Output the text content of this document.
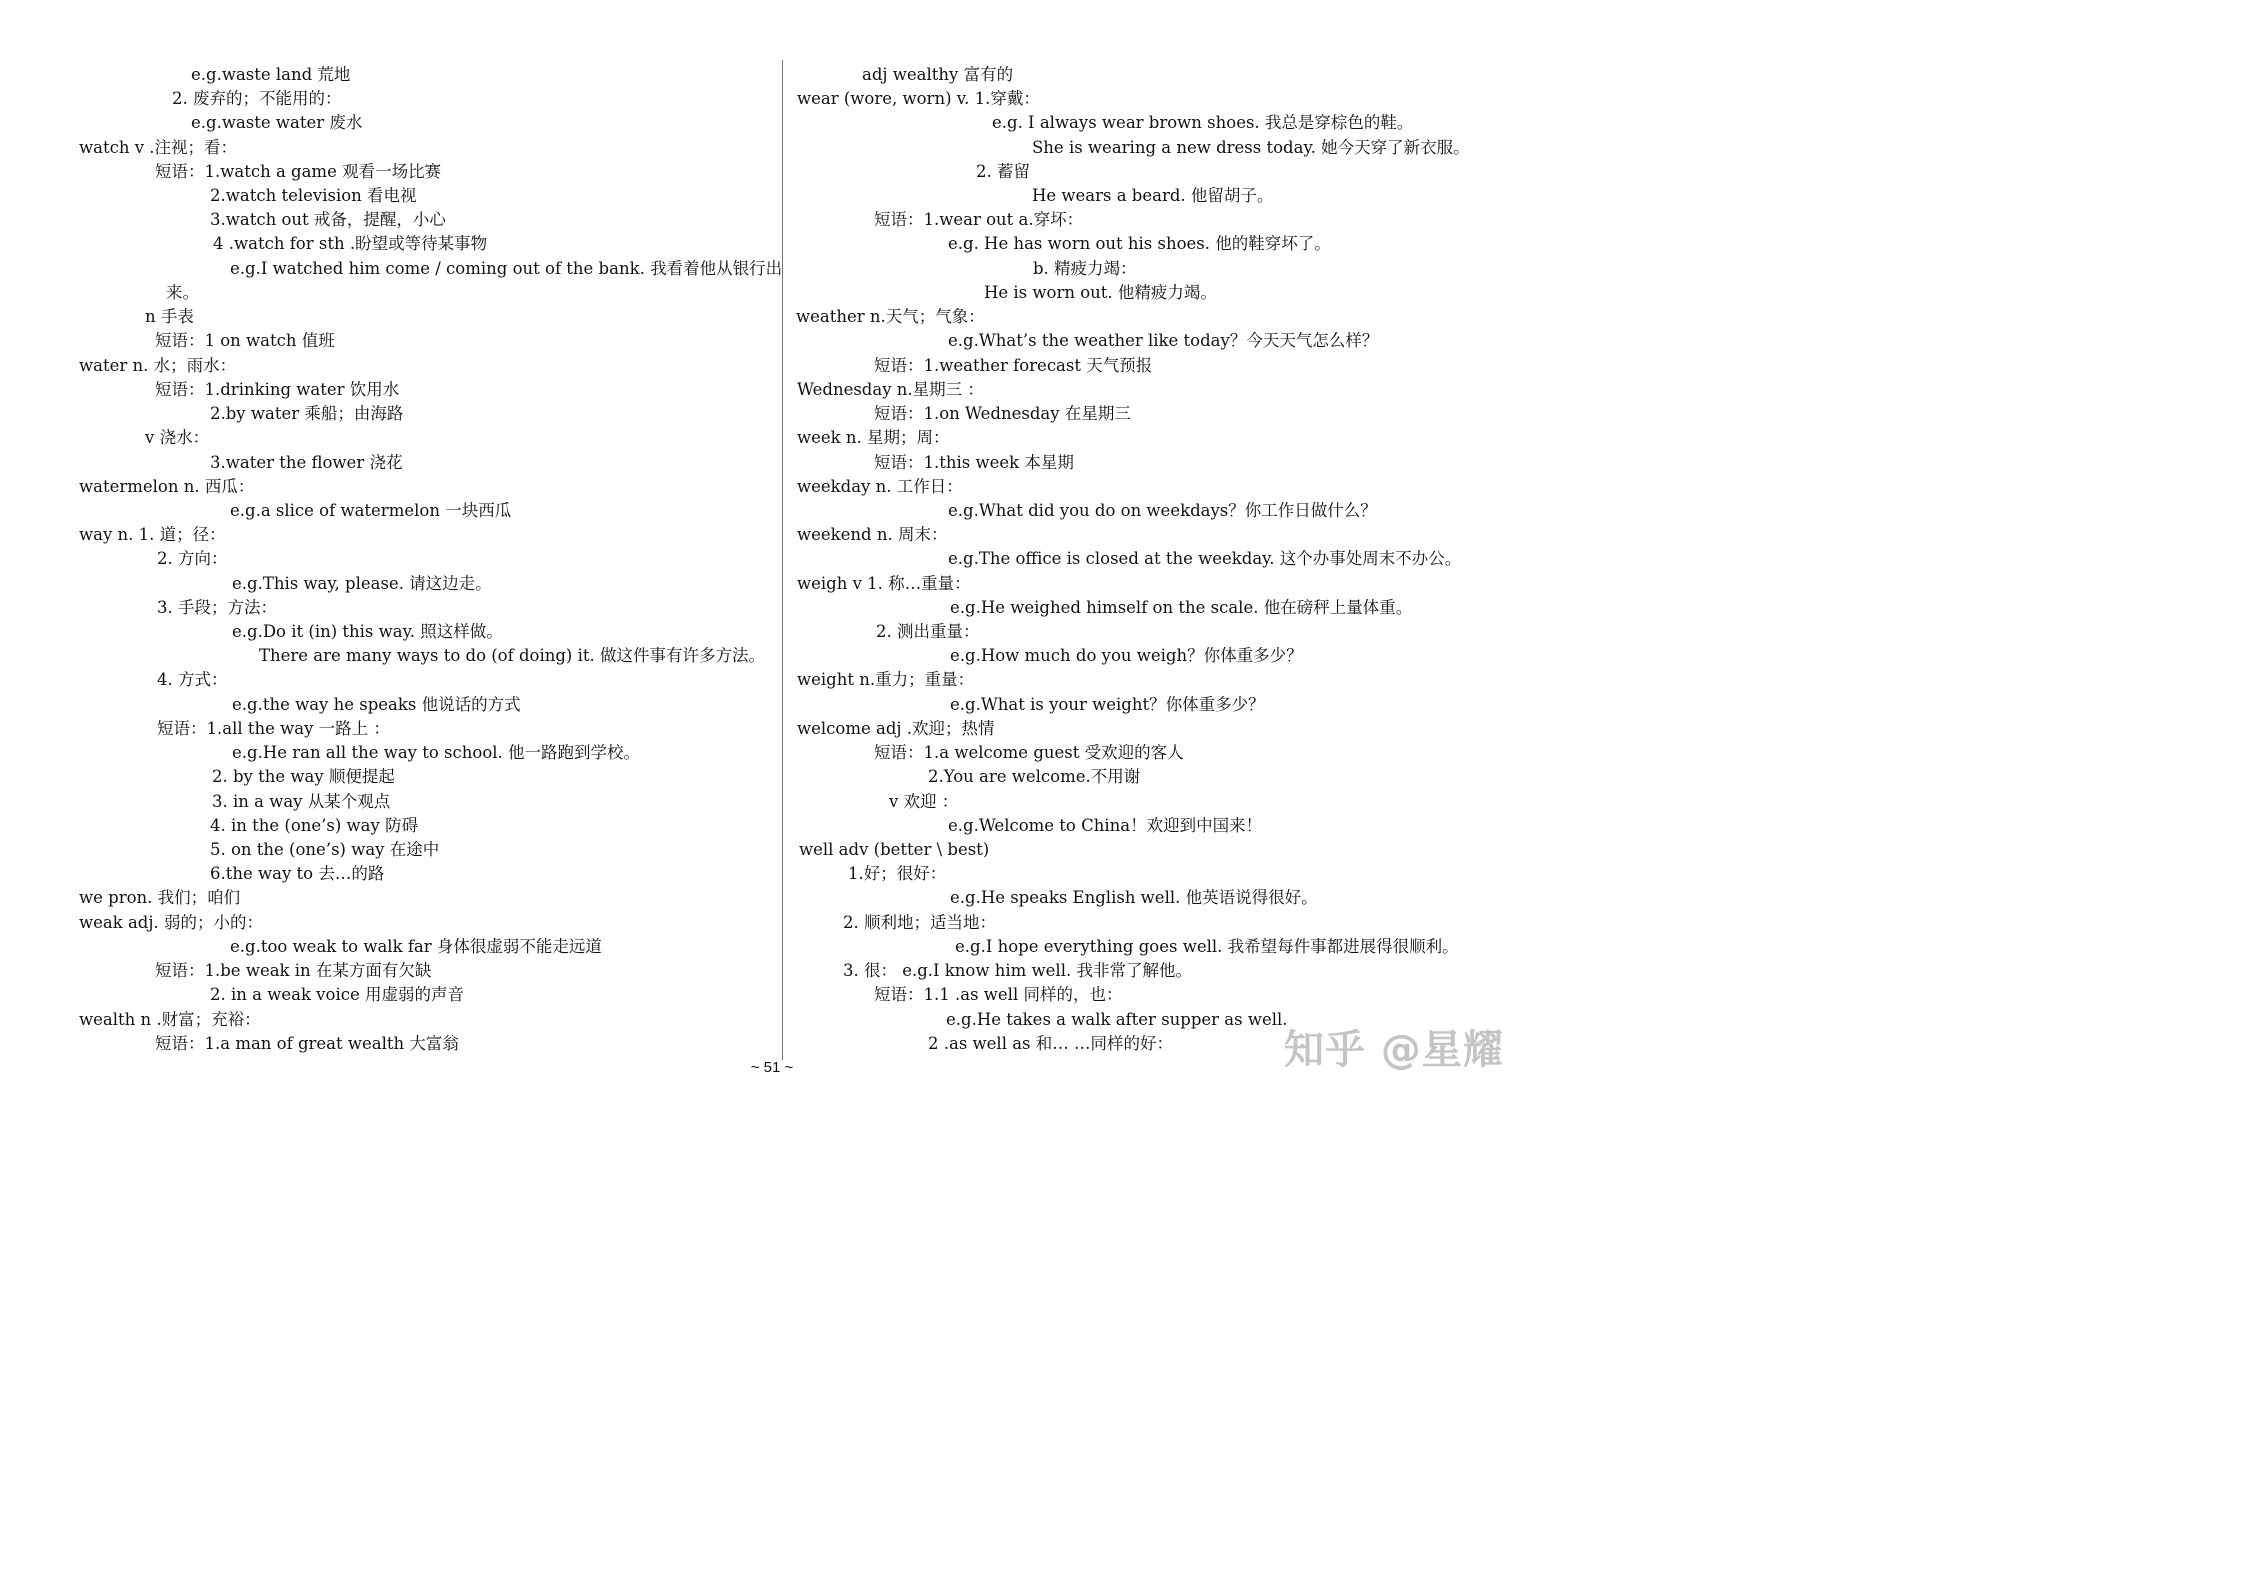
e.g.waste land 荒地
2. 废弃的；不能用的：
e.g.waste water 废水
watch v .注视；看：
短语：1.watch a game 观看一场比赛
2.watch television 看电视
3.watch out 戒备，提醒，小心
4 .watch for sth .盼望或等待某事物
e.g.I watched him come / coming out of the bank. 我看着他从银行出
来。
n 手表
短语：1 on watch 值班
water n. 水；雨水：
短语：1.drinking water 饮用水
2.by water 乘船；由海路
v 浇水：
3.water the flower 浇花
watermelon n. 西瓜：
e.g.a slice of watermelon 一块西瓜
way n. 1. 道；径：
2. 方向：
e.g.This way, please. 请这边走。
3. 手段；方法：
e.g.Do it (in) this way. 照这样做。
There are many ways to do (of doing) it. 做这件事有许多方法。
4. 方式：
e.g.the way he speaks 他说话的方式
短语：1.all the way 一路上 ：
e.g.He ran all the way to school. 他一路跑到学校。
2. by the way 顺便提起
3. in a way 从某个观点
4. in the (one’s) way 防碍
5. on the (one’s) way 在途中
6.the way to 去…的路
we pron. 我们；咱们
weak adj. 弱的；小的：
e.g.too weak to walk far 身体很虚弱不能走远道
短语：1.be weak in 在某方面有欠缺
2. in a weak voice 用虚弱的声音
wealth n .财富；充裕：
短语：1.a man of great wealth 大富翁
adj wealthy 富有的
wear (wore, worn) v. 1.穿戴：
e.g. I always wear brown shoes. 我总是穿棕色的鞋。
She is wearing a new dress today. 她今天穿了新衣服。
2. 蓄留
He wears a beard. 他留胡子。
短语：1.wear out a.穿坏：
e.g. He has worn out his shoes. 他的鞋穿坏了。
b. 精疲力竭：
He is worn out. 他精疲力竭。
weather n.天气；气象：
e.g.What’s the weather like today？今天天气怎么样？
短语：1.weather forecast 天气预报
Wednesday n.星期三 ：
短语：1.on Wednesday 在星期三
week n. 星期；周：
短语：1.this week 本星期
weekday n. 工作日：
e.g.What did you do on weekdays？你工作日做什么？
weekend n. 周末：
e.g.The office is closed at the weekday. 这个办事处周末不办公。
weigh v 1. 称…重量：
e.g.He weighed himself on the scale. 他在磅秤上量体重。
2. 测出重量：
e.g.How much do you weigh？你体重多少？
weight n.重力；重量：
e.g.What is your weight？你体重多少？
welcome adj .欢迎；热情
短语：1.a welcome guest 受欢迎的客人
2.You are welcome.不用谢
v 欢迎 ：
e.g.Welcome to China！欢迎到中国来！
well adv (better \ best)
1.好；很好：
e.g.He speaks English well. 他英语说得很好。
2. 顺利地；适当地：
e.g.I hope everything goes well. 我希望每件事都进展得很顺利。
3. 很： e.g.I know him well. 我非常了解他。
短语：1.1 .as well 同样的，也：
e.g.He takes a walk after supper as well.
2 .as well as 和… …同样的好：
~ 51 ~	知乎 @星耀
